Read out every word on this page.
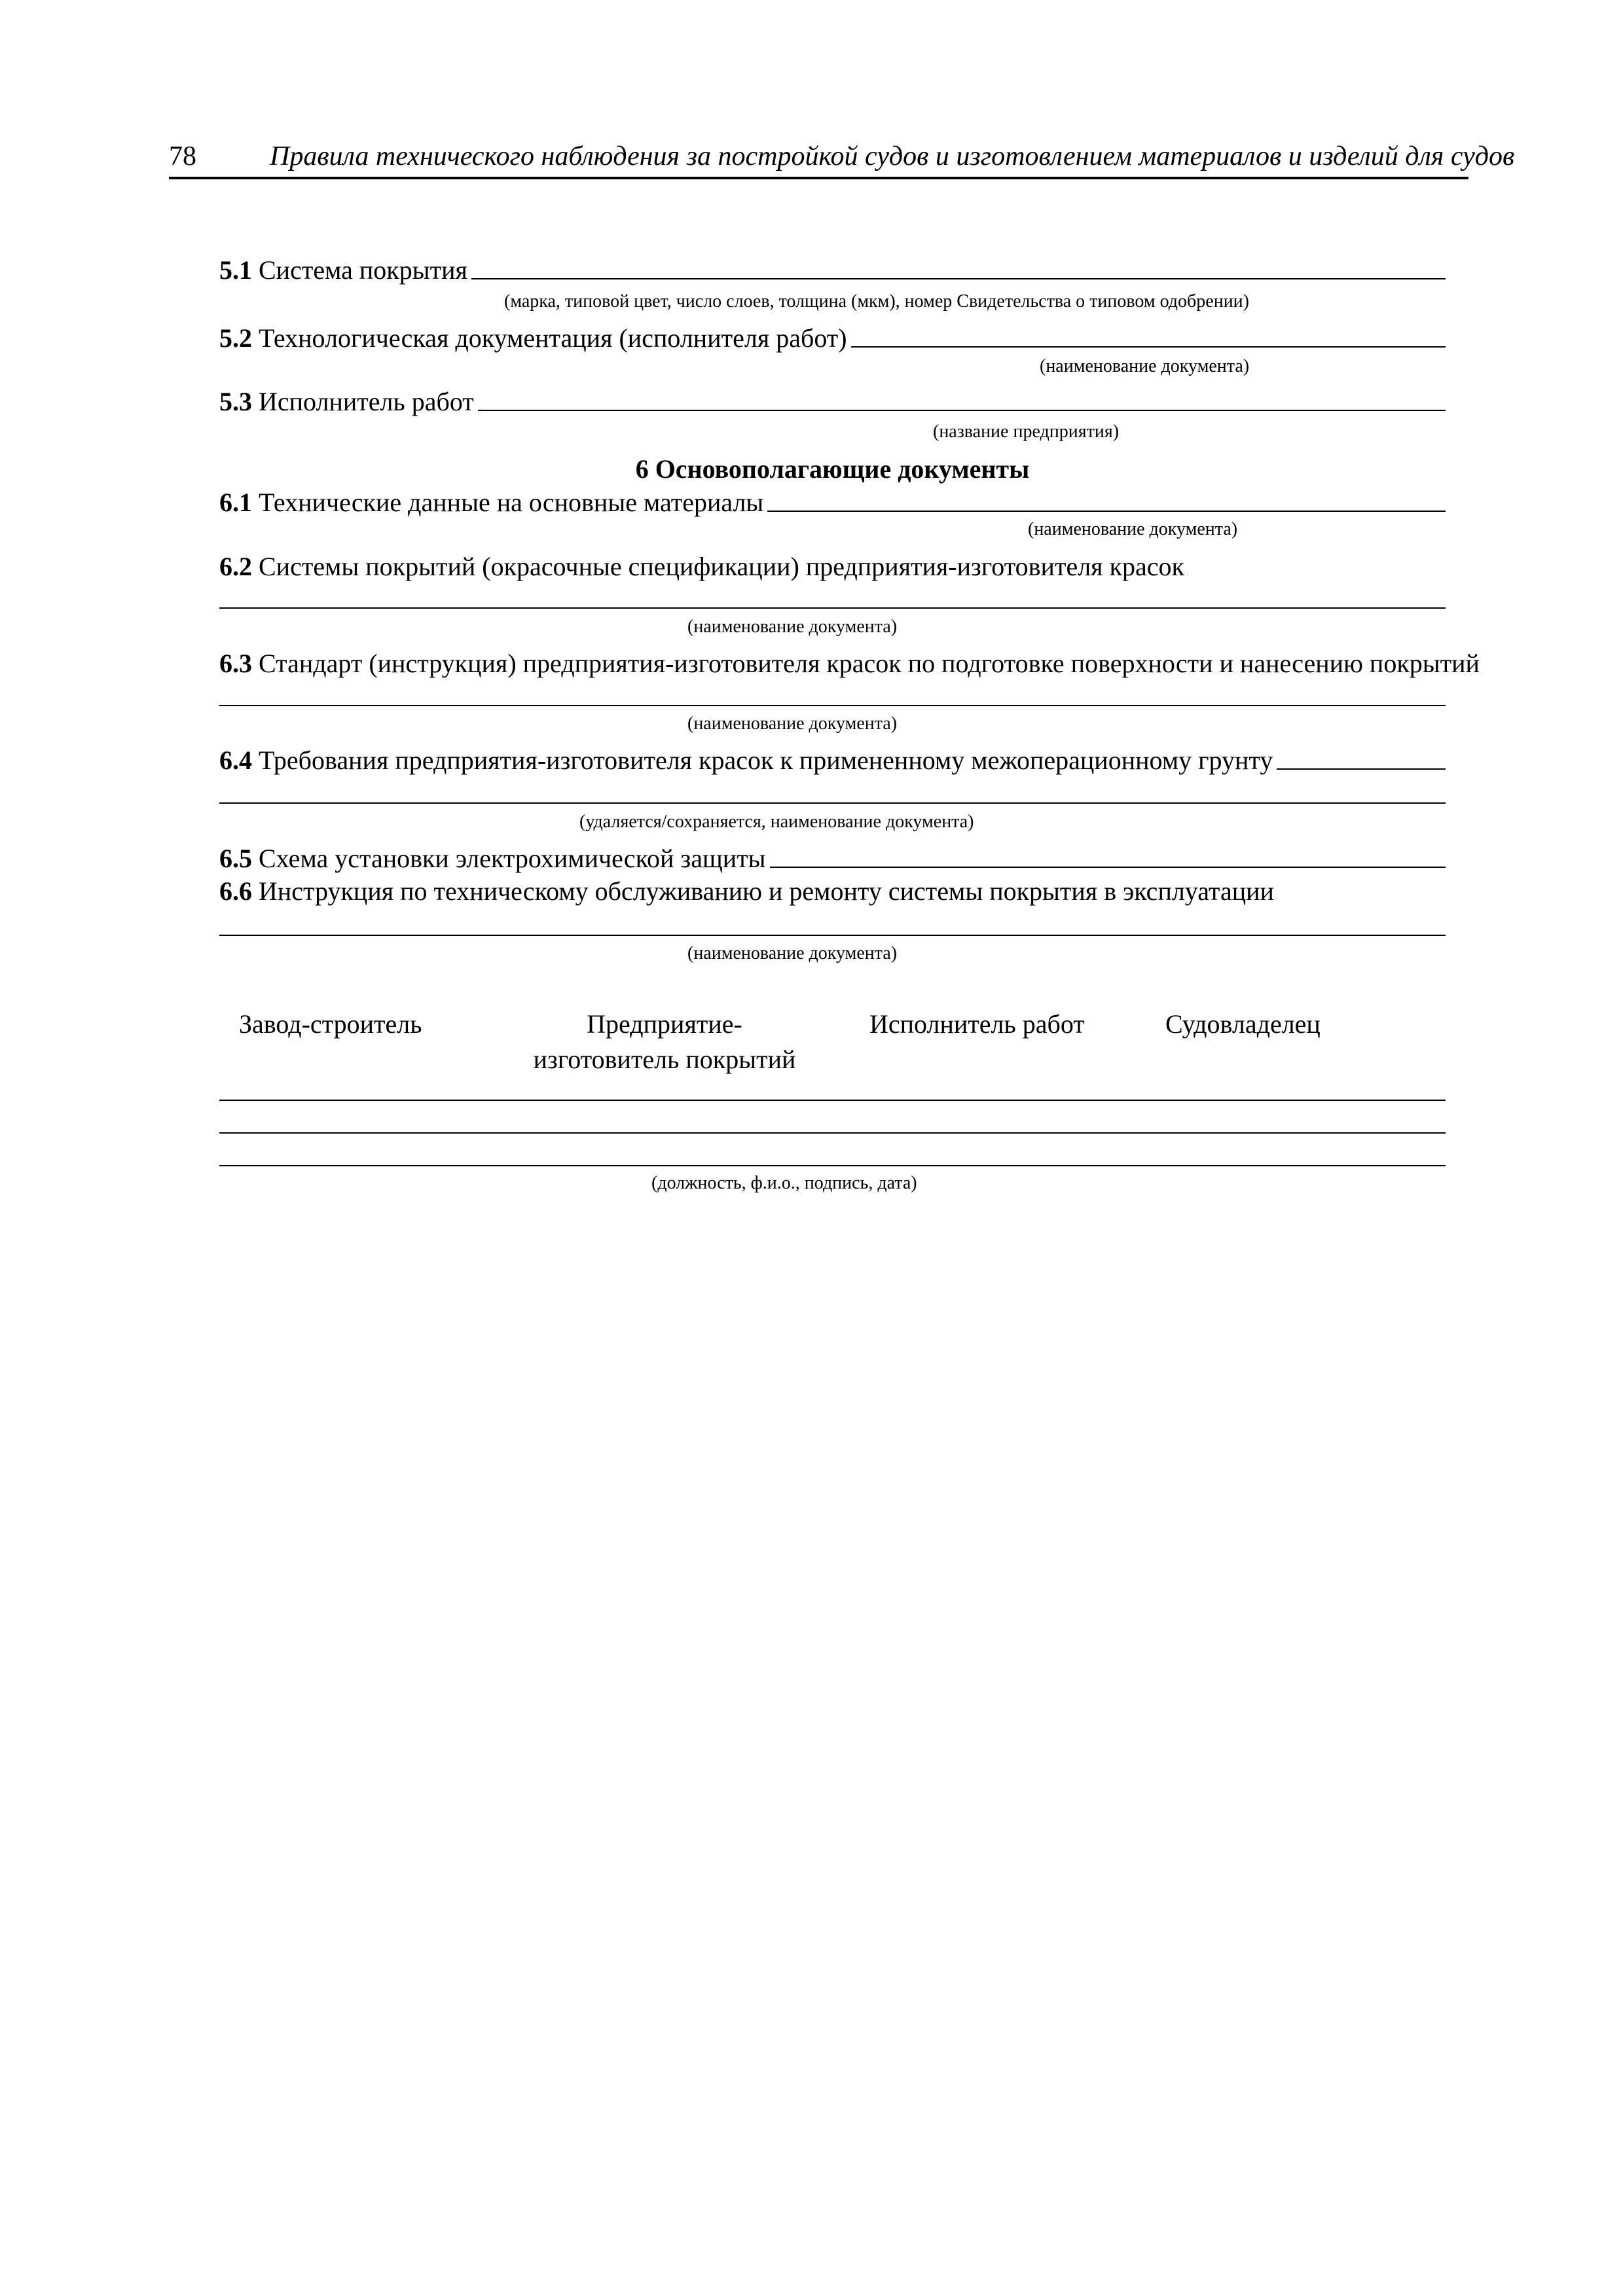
78	Правила технического наблюдения за постройкой судов и изготовлением материалов и изделий для судов
5.1 Система покрытия
(марка, типовой цвет, число слоев, толщина (мкм), номер Свидетельства о типовом одобрении)
5.2 Технологическая документация (исполнителя работ)
(наименование документа)
5.3 Исполнитель работ
(название предприятия)
6 Основополагающие документы
6.1 Технические данные на основные материалы
(наименование документа)
6.2 Системы покрытий (окрасочные спецификации) предприятия-изготовителя красок
(наименование документа)
6.3 Стандарт (инструкция) предприятия-изготовителя красок по подготовке поверхности и нанесению покрытий
(наименование документа)
6.4 Требования предприятия-изготовителя красок к примененному межоперационному грунту
(удаляется/сохраняется, наименование документа)
6.5 Схема установки электрохимической защиты
6.6 Инструкция по техническому обслуживанию и ремонту системы покрытия в эксплуатации
(наименование документа)
Завод-строитель	Предприятие-
изготовитель покрытий
Исполнитель работ	Судовладелец
(должность, ф.и.о., подпись, дата)
